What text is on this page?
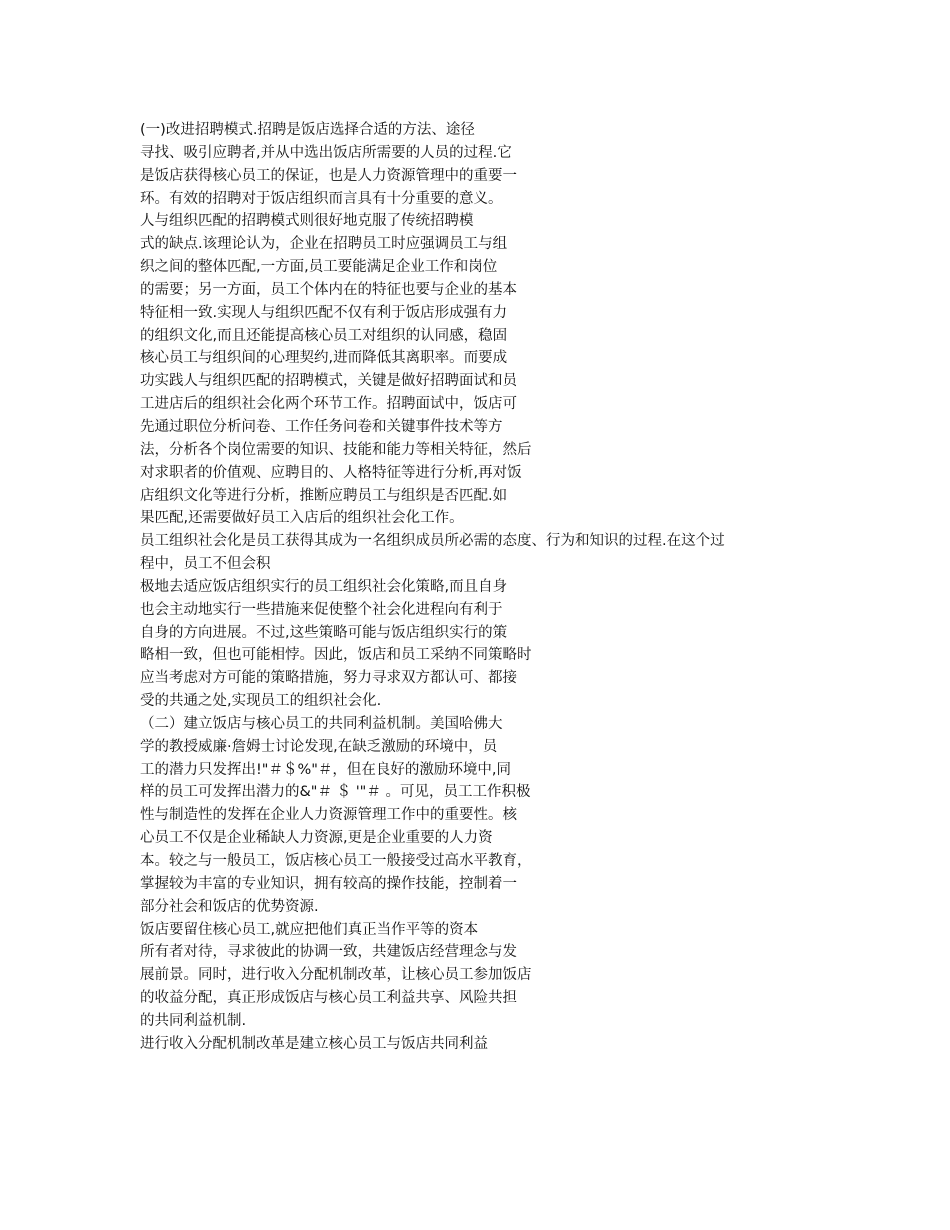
(一)改进招聘模式.招聘是饭店选择合适的方法、途径
寻找、吸引应聘者,并从中选出饭店所需要的人员的过程.它
是饭店获得核心员工的保证，也是人力资源管理中的重要一
环。有效的招聘对于饭店组织而言具有十分重要的意义。
人与组织匹配的招聘模式则很好地克服了传统招聘模
式的缺点.该理论认为，企业在招聘员工时应强调员工与组
织之间的整体匹配,一方面,员工要能满足企业工作和岗位
的需要；另一方面，员工个体内在的特征也要与企业的基本
特征相一致.实现人与组织匹配不仅有利于饭店形成强有力
的组织文化,而且还能提高核心员工对组织的认同感，稳固
核心员工与组织间的心理契约,进而降低其离职率。而要成
功实践人与组织匹配的招聘模式，关键是做好招聘面试和员
工进店后的组织社会化两个环节工作。招聘面试中，饭店可
先通过职位分析问卷、工作任务问卷和关键事件技术等方
法，分析各个岗位需要的知识、技能和能力等相关特征，然后
对求职者的价值观、应聘目的、人格特征等进行分析,再对饭
店组织文化等进行分析，推断应聘员工与组织是否匹配.如
果匹配,还需要做好员工入店后的组织社会化工作。
员工组织社会化是员工获得其成为一名组织成员所必需的态度、行为和知识的过程.在这个过
程中，员工不但会积
极地去适应饭店组织实行的员工组织社会化策略,而且自身
也会主动地实行一些措施来促使整个社会化进程向有利于
自身的方向进展。不过,这些策略可能与饭店组织实行的策
略相一致，但也可能相悖。因此，饭店和员工采纳不同策略时
应当考虑对方可能的策略措施，努力寻求双方都认可、都接
受的共通之处,实现员工的组织社会化.
（二）建立饭店与核心员工的共同利益机制。美国哈佛大
学的教授威廉·詹姆士讨论发现,在缺乏激励的环境中，员
工的潜力只发挥出!"＃＄%"＃，但在良好的激励环境中,同
样的员工可发挥出潜力的&"＃ ＄ '"＃ 。可见，员工工作积极
性与制造性的发挥在企业人力资源管理工作中的重要性。核
心员工不仅是企业稀缺人力资源,更是企业重要的人力资
本。较之与一般员工，饭店核心员工一般接受过高水平教育，
掌握较为丰富的专业知识，拥有较高的操作技能，控制着一
部分社会和饭店的优势资源.
饭店要留住核心员工,就应把他们真正当作平等的资本
所有者对待，寻求彼此的协调一致，共建饭店经营理念与发
展前景。同时，进行收入分配机制改革，让核心员工参加饭店
的收益分配，真正形成饭店与核心员工利益共享、风险共担
的共同利益机制.
进行收入分配机制改革是建立核心员工与饭店共同利益
